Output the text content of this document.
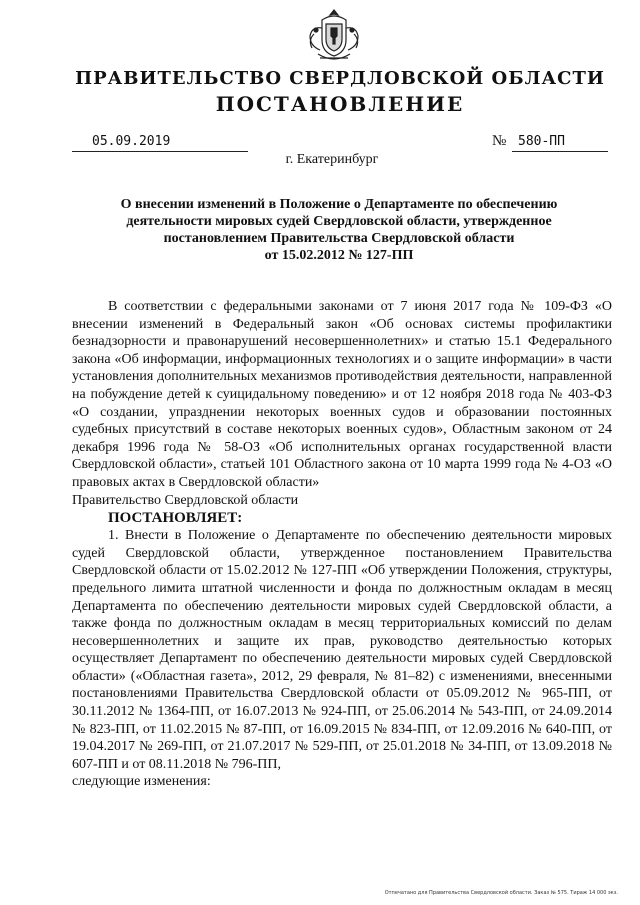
ПРАВИТЕЛЬСТВО СВЕРДЛОВСКОЙ ОБЛАСТИ
ПОСТАНОВЛЕНИЕ
05.09.2019	№ 580-ПП
г. Екатеринбург
О внесении изменений в Положение о Департаменте по обеспечению
деятельности мировых судей Свердловской области, утвержденное
постановлением Правительства Свердловской области
от 15.02.2012 № 127-ПП

В соответствии с федеральными законами от 7 июня 2017 года № 109-ФЗ «О внесении изменений в Федеральный закон «Об основах системы профилактики безнадзорности и правонарушений несовершеннолетних» и статью 15.1 Федерального закона «Об информации, информационных технологиях и о защите информации» в части установления дополнительных механизмов противодействия деятельности, направленной на побуждение детей к суицидальному поведению» и от 12 ноября 2018 года № 403-ФЗ «О создании, упразднении некоторых военных судов и образовании постоянных судебных присутствий в составе некоторых военных судов», Областным законом от 24 декабря 1996 года № 58-ОЗ «Об исполнительных органах государственной власти Свердловской области», статьей 101 Областного закона от 10 марта 1999 года № 4-ОЗ «О правовых актах в Свердловской области»

Правительство Свердловской области

ПОСТАНОВЛЯЕТ:

1. Внести в Положение о Департаменте по обеспечению деятельности мировых судей Свердловской области, утвержденное постановлением Правительства Свердловской области от 15.02.2012 № 127-ПП «Об утверждении Положения, структуры, предельного лимита штатной численности и фонда по должностным окладам в месяц Департамента по обеспечению деятельности мировых судей Свердловской области, а также фонда по должностным окладам в месяц территориальных комиссий по делам несовершеннолетних и защите их прав, руководство деятельностью которых осуществляет Департамент по обеспечению деятельности мировых судей Свердловской области» («Областная газета», 2012, 29 февраля, № 81–82) с изменениями, внесенными постановлениями Правительства Свердловской области от 05.09.2012 № 965-ПП, от 30.11.2012 № 1364-ПП, от 16.07.2013 № 924-ПП, от 25.06.2014 № 543-ПП, от 24.09.2014 № 823-ПП, от 11.02.2015 № 87-ПП, от 16.09.2015 № 834-ПП, от 12.09.2016 № 640-ПП, от 19.04.2017 № 269-ПП, от 21.07.2017 № 529-ПП, от 25.01.2018 № 34-ПП, от 13.09.2018 № 607-ПП и от 08.11.2018 № 796-ПП,

следующие изменения:

Отпечатано для Правительства Свердловской области. Заказ № 575. Тираж 14 000 экз.
